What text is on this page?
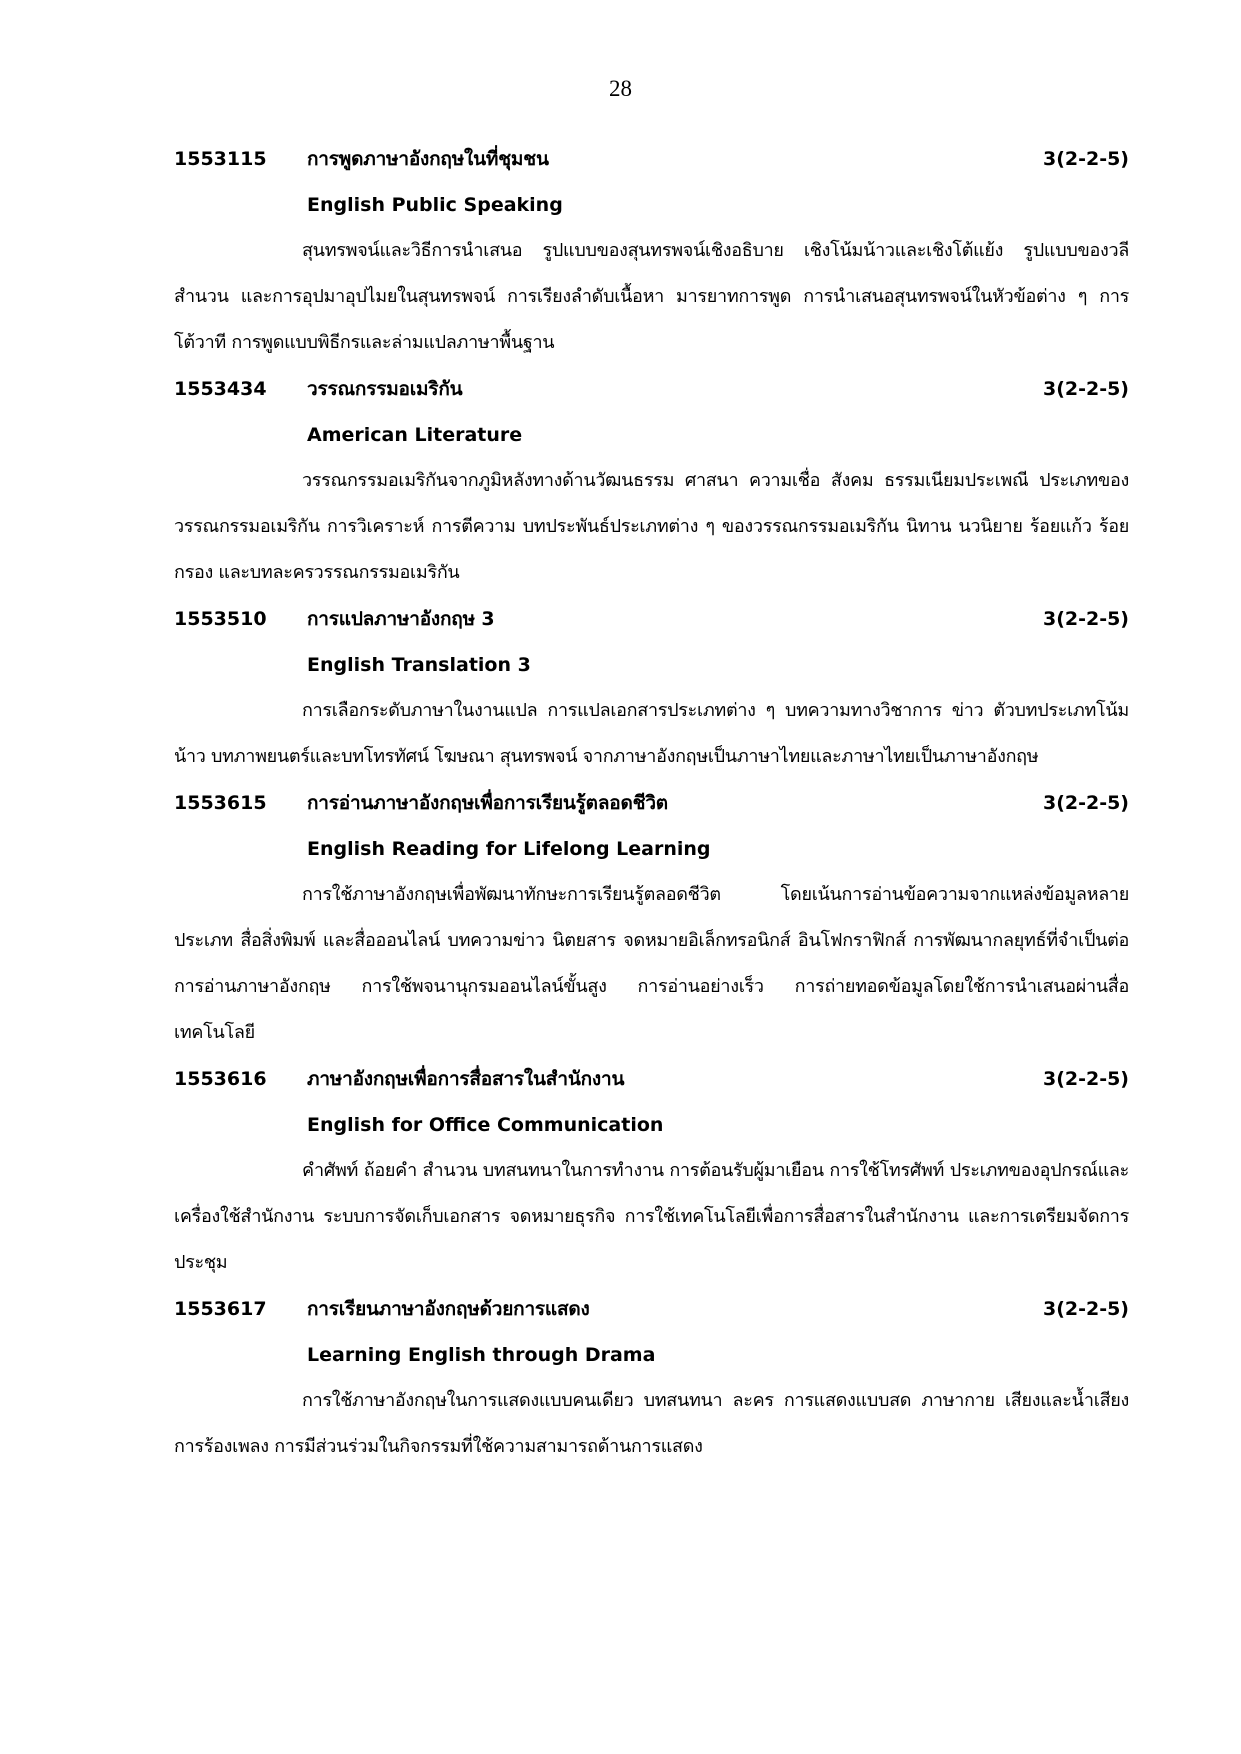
28
1553115	การพูดภาษาอังกฤษในที่ชุมชน	3(2-2-5)
English Public Speaking

สุนทรพจน์และวิธีการนำเสนอ รูปแบบของสุนทรพจน์เชิงอธิบาย เชิงโน้มน้าวและเชิงโต้แย้ง รูปแบบของวลี สำนวน และการอุปมาอุปไมยในสุนทรพจน์ การเรียงลำดับเนื้อหา มารยาทการพูด การนำเสนอสุนทรพจน์ในหัวข้อต่าง ๆ การโต้วาที การพูดแบบพิธีกรและล่ามแปลภาษาพื้นฐาน

1553434	วรรณกรรมอเมริกัน	3(2-2-5)
American Literature

วรรณกรรมอเมริกันจากภูมิหลังทางด้านวัฒนธรรม ศาสนา ความเชื่อ สังคม ธรรมเนียมประเพณี ประเภทของวรรณกรรมอเมริกัน การวิเคราะห์ การตีความ บทประพันธ์ประเภทต่าง ๆ ของวรรณกรรมอเมริกัน นิทาน นวนิยาย ร้อยแก้ว ร้อยกรอง และบทละครวรรณกรรมอเมริกัน

1553510	การแปลภาษาอังกฤษ 3	3(2-2-5)
English Translation 3

การเลือกระดับภาษาในงานแปล การแปลเอกสารประเภทต่าง ๆ บทความทางวิชาการ ข่าว ตัวบทประเภทโน้มน้าว บทภาพยนตร์และบทโทรทัศน์ โฆษณา สุนทรพจน์ จากภาษาอังกฤษเป็นภาษาไทยและภาษาไทยเป็นภาษาอังกฤษ

1553615	การอ่านภาษาอังกฤษเพื่อการเรียนรู้ตลอดชีวิต	3(2-2-5)
English Reading for Lifelong Learning

การใช้ภาษาอังกฤษเพื่อพัฒนาทักษะการเรียนรู้ตลอดชีวิต โดยเน้นการอ่านข้อความจากแหล่งข้อมูลหลายประเภท สื่อสิ่งพิมพ์ และสื่อออนไลน์ บทความข่าว นิตยสาร จดหมายอิเล็กทรอนิกส์ อินโฟกราฟิกส์ การพัฒนากลยุทธ์ที่จำเป็นต่อการอ่านภาษาอังกฤษ การใช้พจนานุกรมออนไลน์ขั้นสูง การอ่านอย่างเร็ว การถ่ายทอดข้อมูลโดยใช้การนำเสนอผ่านสื่อเทคโนโลยี

1553616	ภาษาอังกฤษเพื่อการสื่อสารในสำนักงาน	3(2-2-5)
English for Office Communication

คำศัพท์ ถ้อยคำ สำนวน บทสนทนาในการทำงาน การต้อนรับผู้มาเยือน การใช้โทรศัพท์ ประเภทของอุปกรณ์และเครื่องใช้สำนักงาน ระบบการจัดเก็บเอกสาร จดหมายธุรกิจ การใช้เทคโนโลยีเพื่อการสื่อสารในสำนักงาน และการเตรียมจัดการประชุม

1553617	การเรียนภาษาอังกฤษด้วยการแสดง	3(2-2-5)
Learning English through Drama

การใช้ภาษาอังกฤษในการแสดงแบบคนเดียว บทสนทนา ละคร การแสดงแบบสด ภาษากาย เสียงและน้ำเสียง การร้องเพลง การมีส่วนร่วมในกิจกรรมที่ใช้ความสามารถด้านการแสดง
